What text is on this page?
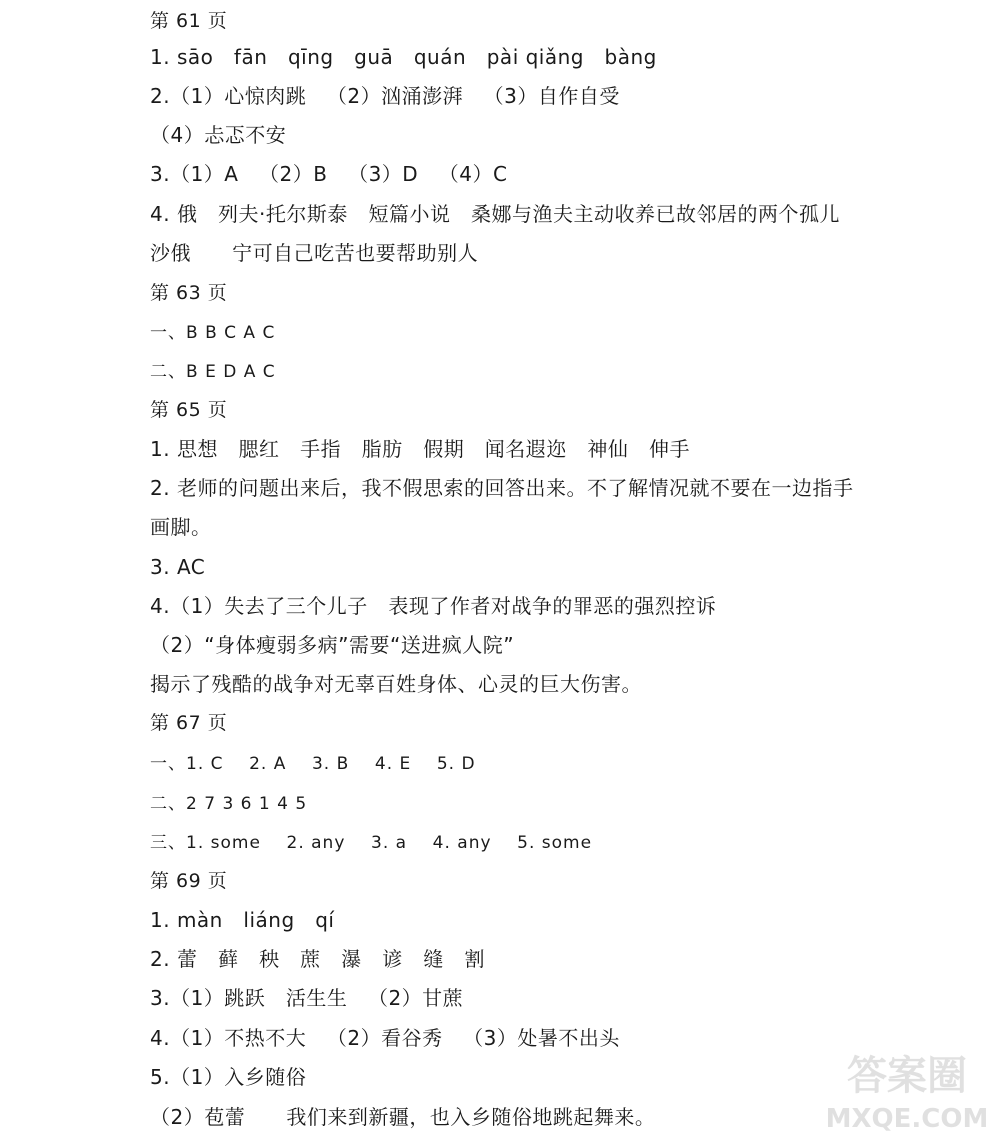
第 61 页
1. sāo   fān   qīng   guā   quán   pài qiǎng   bàng
2.（1）心惊肉跳   （2）汹涌澎湃   （3）自作自受
（4）忐忑不安
3.（1）A   （2）B   （3）D   （4）C
4. 俄   列夫·托尔斯泰   短篇小说   桑娜与渔夫主动收养已故邻居的两个孤儿
沙俄      宁可自己吃苦也要帮助别人
第 63 页
一、B B C A C
二、B E D A C
第 65 页
1. 思想   腮红   手指   脂肪   假期   闻名遐迩   神仙   伸手
2. 老师的问题出来后，我不假思索的回答出来。不了解情况就不要在一边指手
画脚。
3. AC
4.（1）失去了三个儿子   表现了作者对战争的罪恶的强烈控诉
（2）“身体瘦弱多病”需要“送进疯人院”
揭示了残酷的战争对无辜百姓身体、心灵的巨大伤害。
第 67 页
一、1. C    2. A    3. B    4. E    5. D
二、2 7 3 6 1 4 5
三、1. some    2. any    3. a    4. any    5. some
第 69 页
1. màn   liáng   qí
2. 蕾   藓   秧   蔗   瀑   谚   缝   割
3.（1）跳跃   活生生   （2）甘蔗
4.（1）不热不大   （2）看谷秀   （3）处暑不出头
5.（1）入乡随俗
（2）苞蕾      我们来到新疆，也入乡随俗地跳起舞来。
答案圈
MXQE.COM
